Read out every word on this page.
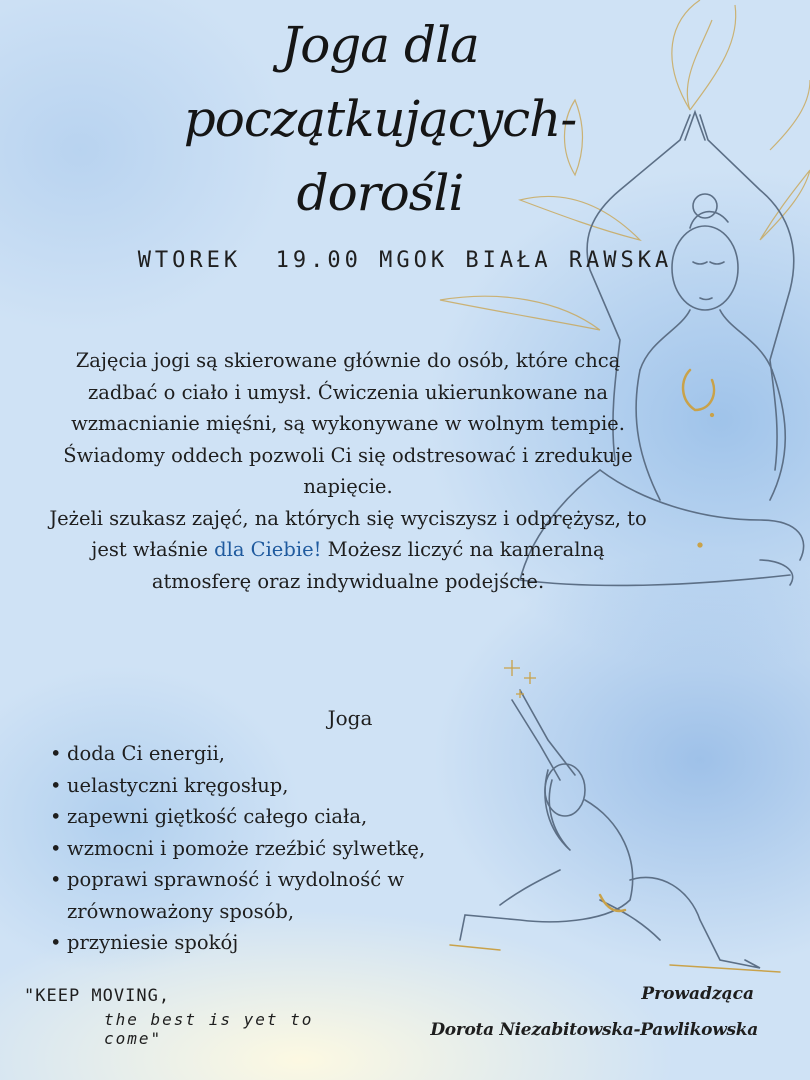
Joga dla
początkujących-
dorośli
WTOREK  19.00 MGOK BIAŁA RAWSKA

Zajęcia jogi są skierowane głównie do osób, które chcą zadbać o ciało i umysł. Ćwiczenia ukierunkowane na wzmacnianie mięśni, są wykonywane w wolnym tempie. Świadomy oddech pozwoli Ci się odstresować i zredukuje napięcie.

Jeżeli szukasz zajęć, na których się wyciszysz i odprężysz, to jest właśnie dla Ciebie! Możesz liczyć na kameralną atmosferę oraz indywidualne podejście.

Joga
• doda Ci energii,
• uelastyczni kręgosłup,
• zapewni giętkość całego ciała,
• wzmocni i pomoże rzeźbić sylwetkę,
• poprawi sprawność i wydolność w zrównoważony sposób,
• przyniesie spokój
"KEEP MOVING,
the best is yet to come"
Prowadząca
Dorota Niezabitowska-Pawlikowska
